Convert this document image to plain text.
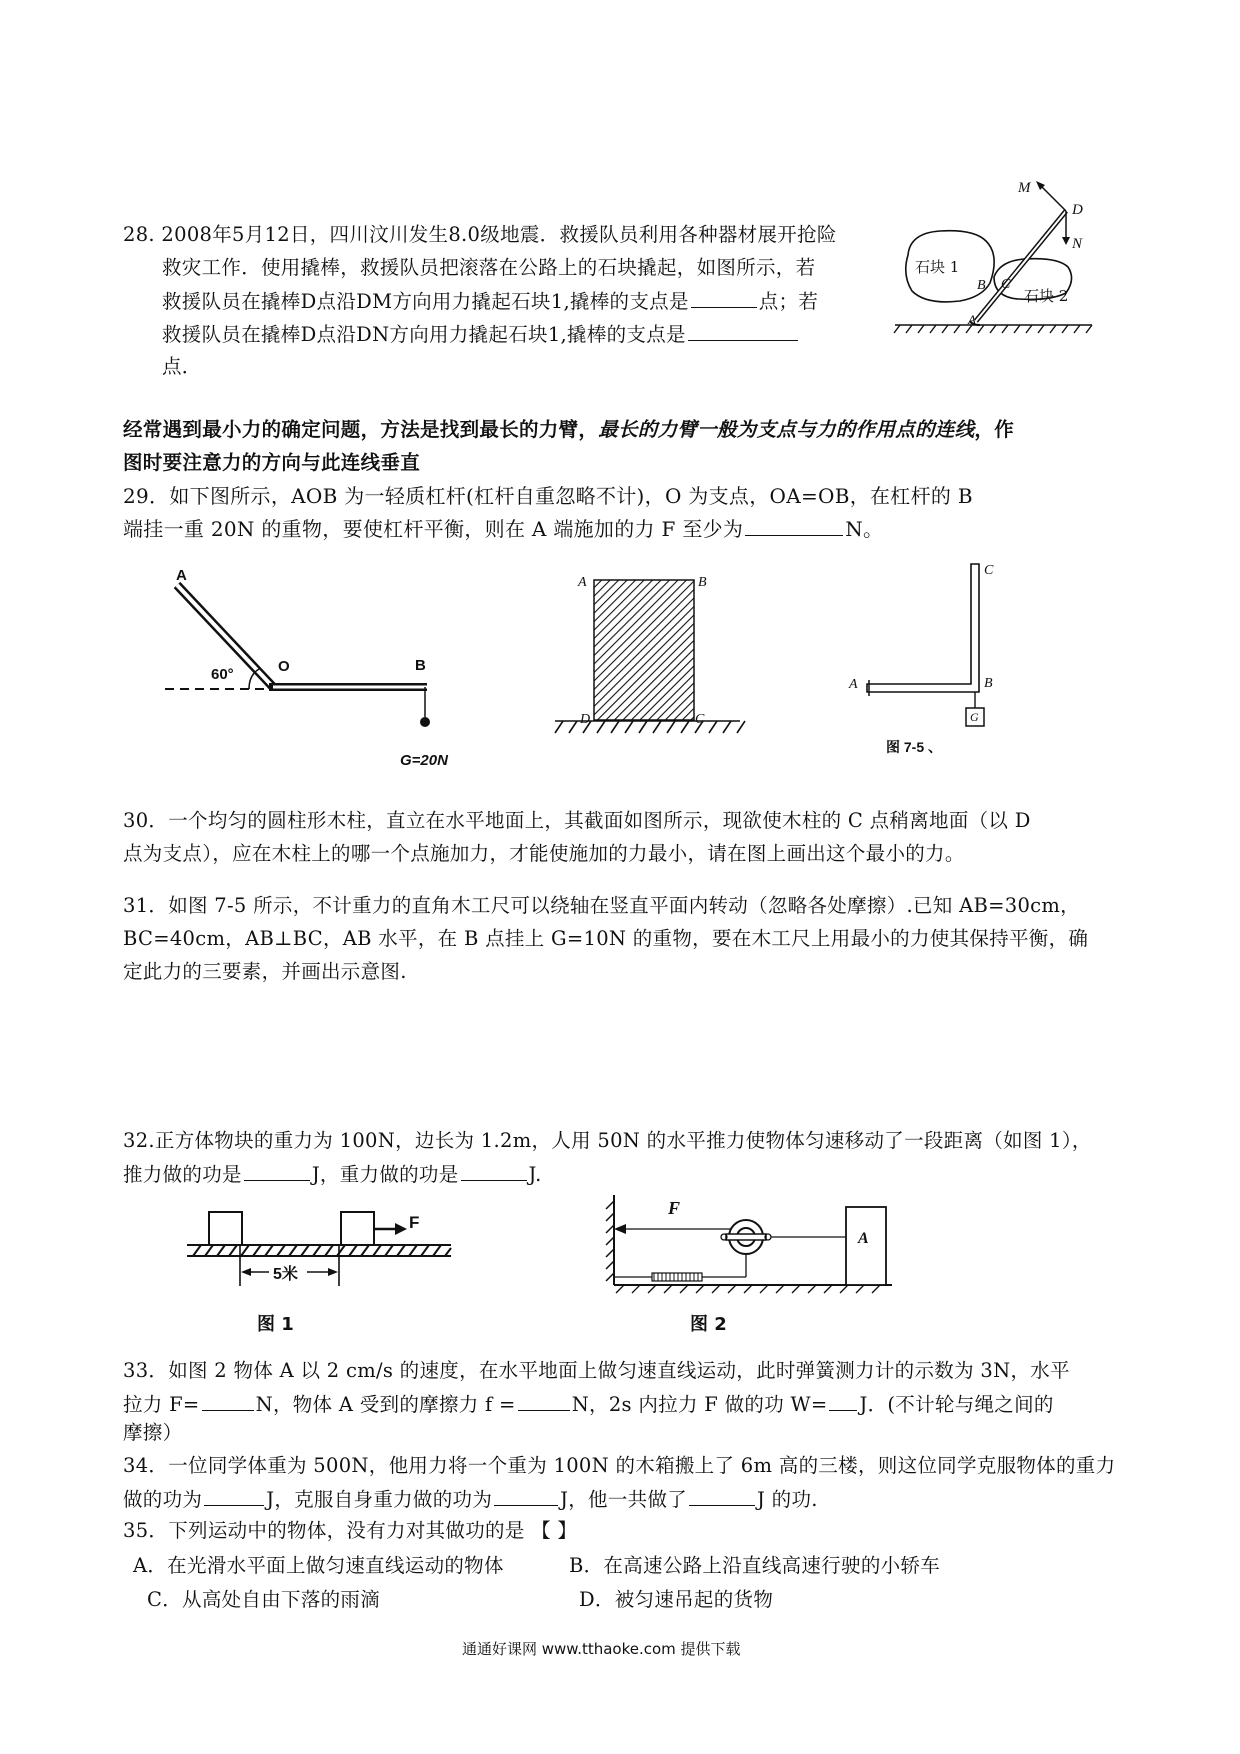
28. 2008年5月12日，四川汶川发生8.0级地震．救援队员利用各种器材展开抢险
救灾工作．使用撬棒，救援队员把滚落在公路上的石块撬起，如图所示，若
救援队员在撬棒D点沿DM方向用力撬起石块1,撬棒的支点是	点；若
救援队员在撬棒D点沿DN方向用力撬起石块1,撬棒的支点是
点．
M
D
N
石块 1
石块 2
B C
A
经常遇到最小力的确定问题，方法是找到最长的力臂，最长的力臂一般为支点与力的作用点的连线，作
图时要注意力的方向与此连线垂直
29．如下图所示，AOB 为一轻质杠杆(杠杆自重忽略不计)，O 为支点，OA=OB，在杠杆的 B
端挂一重 20N 的重物，要使杠杆平衡，则在 A 端施加的力 F 至少为	N。
A
O	B
60°
G=20N
A	B
C
D
C
B
A
G
图 7-5 、
30．一个均匀的圆柱形木柱，直立在水平地面上，其截面如图所示，现欲使木柱的 C 点稍离地面（以 D
点为支点），应在木柱上的哪一个点施加力，才能使施加的力最小，请在图上画出这个最小的力。
31．如图 7-5 所示，不计重力的直角木工尺可以绕轴在竖直平面内转动（忽略各处摩擦）.已知 AB=30cm，
BC=40cm，AB⊥BC，AB 水平，在 B 点挂上 G=10N 的重物，要在木工尺上用最小的力使其保持平衡，确
定此力的三要素，并画出示意图.
32.正方体物块的重力为 100N，边长为 1.2m，人用 50N 的水平推力使物体匀速移动了一段距离（如图 1），
推力做的功是	J，重力做的功是	J.
F
5米
图 1
F
A
图 2
33．如图 2 物体 A 以 2 cm/s 的速度，在水平地面上做匀速直线运动，此时弹簧测力计的示数为 3N，水平
拉力 F=	N，物体 A 受到的摩擦力 f =	N，2s 内拉力 F 做的功 W= J．(不计轮与绳之间的
摩擦）
34．一位同学体重为 500N，他用力将一个重为 100N 的木箱搬上了 6m 高的三楼，则这位同学克服物体的重力
做的功为	J，克服自身重力做的功为	J，他一共做了	J 的功.
35．下列运动中的物体，没有力对其做功的是 【 】
A．在光滑水平面上做匀速直线运动的物体	B．在高速公路上沿直线高速行驶的小轿车
C．从高处自由下落的雨滴	D．被匀速吊起的货物
通通好课网 www.tthaoke.com 提供下载
